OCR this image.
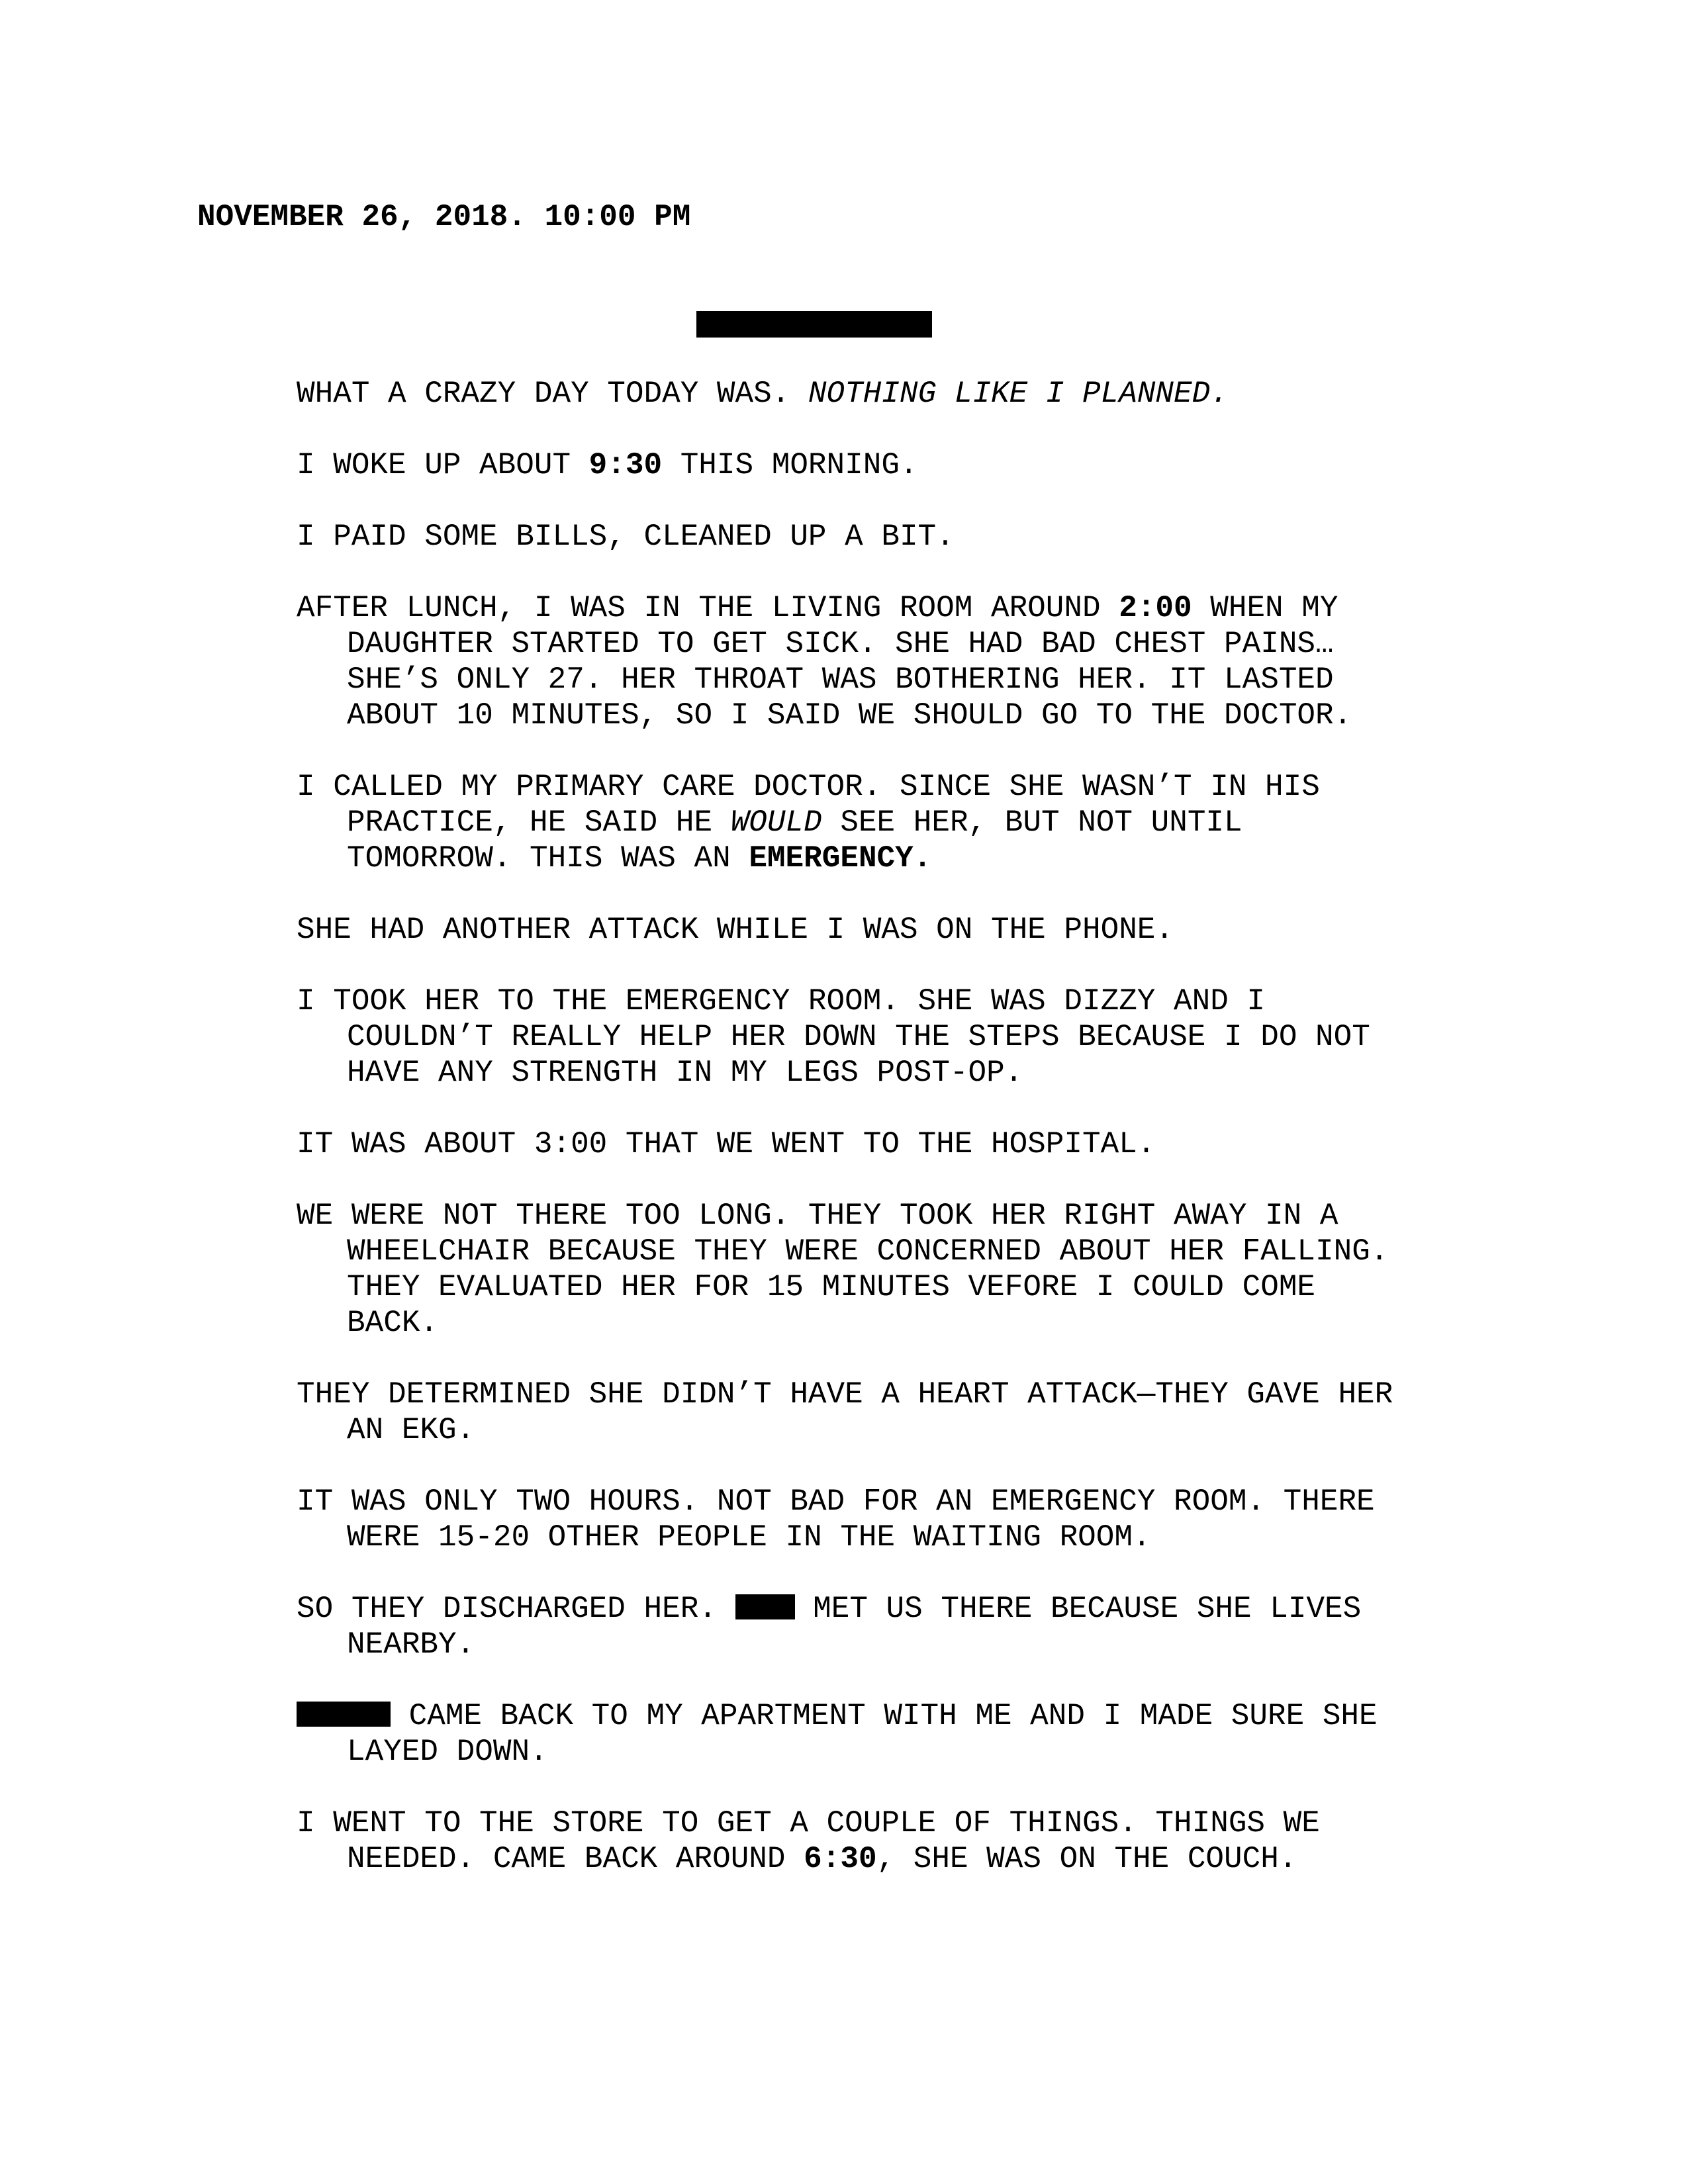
NOVEMBER 26, 2018. 10:00 PM

WHAT A CRAZY DAY TODAY WAS. NOTHING LIKE I PLANNED.

I WOKE UP ABOUT 9:30 THIS MORNING.

I PAID SOME BILLS, CLEANED UP A BIT.

AFTER LUNCH, I WAS IN THE LIVING ROOM AROUND 2:00 WHEN MY DAUGHTER STARTED TO GET SICK. SHE HAD BAD CHEST PAINS… SHE’S ONLY 27. HER THROAT WAS BOTHERING HER. IT LASTED ABOUT 10 MINUTES, SO I SAID WE SHOULD GO TO THE DOCTOR.

I CALLED MY PRIMARY CARE DOCTOR. SINCE SHE WASN’T IN HIS PRACTICE, HE SAID HE WOULD SEE HER, BUT NOT UNTIL TOMORROW. THIS WAS AN EMERGENCY.

SHE HAD ANOTHER ATTACK WHILE I WAS ON THE PHONE.

I TOOK HER TO THE EMERGENCY ROOM. SHE WAS DIZZY AND I COULDN’T REALLY HELP HER DOWN THE STEPS BECAUSE I DO NOT HAVE ANY STRENGTH IN MY LEGS POST-OP.

IT WAS ABOUT 3:00 THAT WE WENT TO THE HOSPITAL.

WE WERE NOT THERE TOO LONG. THEY TOOK HER RIGHT AWAY IN A WHEELCHAIR BECAUSE THEY WERE CONCERNED ABOUT HER FALLING. THEY EVALUATED HER FOR 15 MINUTES VEFORE I COULD COME BACK.

THEY DETERMINED SHE DIDN’T HAVE A HEART ATTACK—THEY GAVE HER AN EKG.

IT WAS ONLY TWO HOURS. NOT BAD FOR AN EMERGENCY ROOM. THERE WERE 15-20 OTHER PEOPLE IN THE WAITING ROOM.

SO THEY DISCHARGED HER.  MET US THERE BECAUSE SHE LIVES NEARBY.

CAME BACK TO MY APARTMENT WITH ME AND I MADE SURE SHE LAYED DOWN.

I WENT TO THE STORE TO GET A COUPLE OF THINGS. THINGS WE NEEDED. CAME BACK AROUND 6:30, SHE WAS ON THE COUCH.
